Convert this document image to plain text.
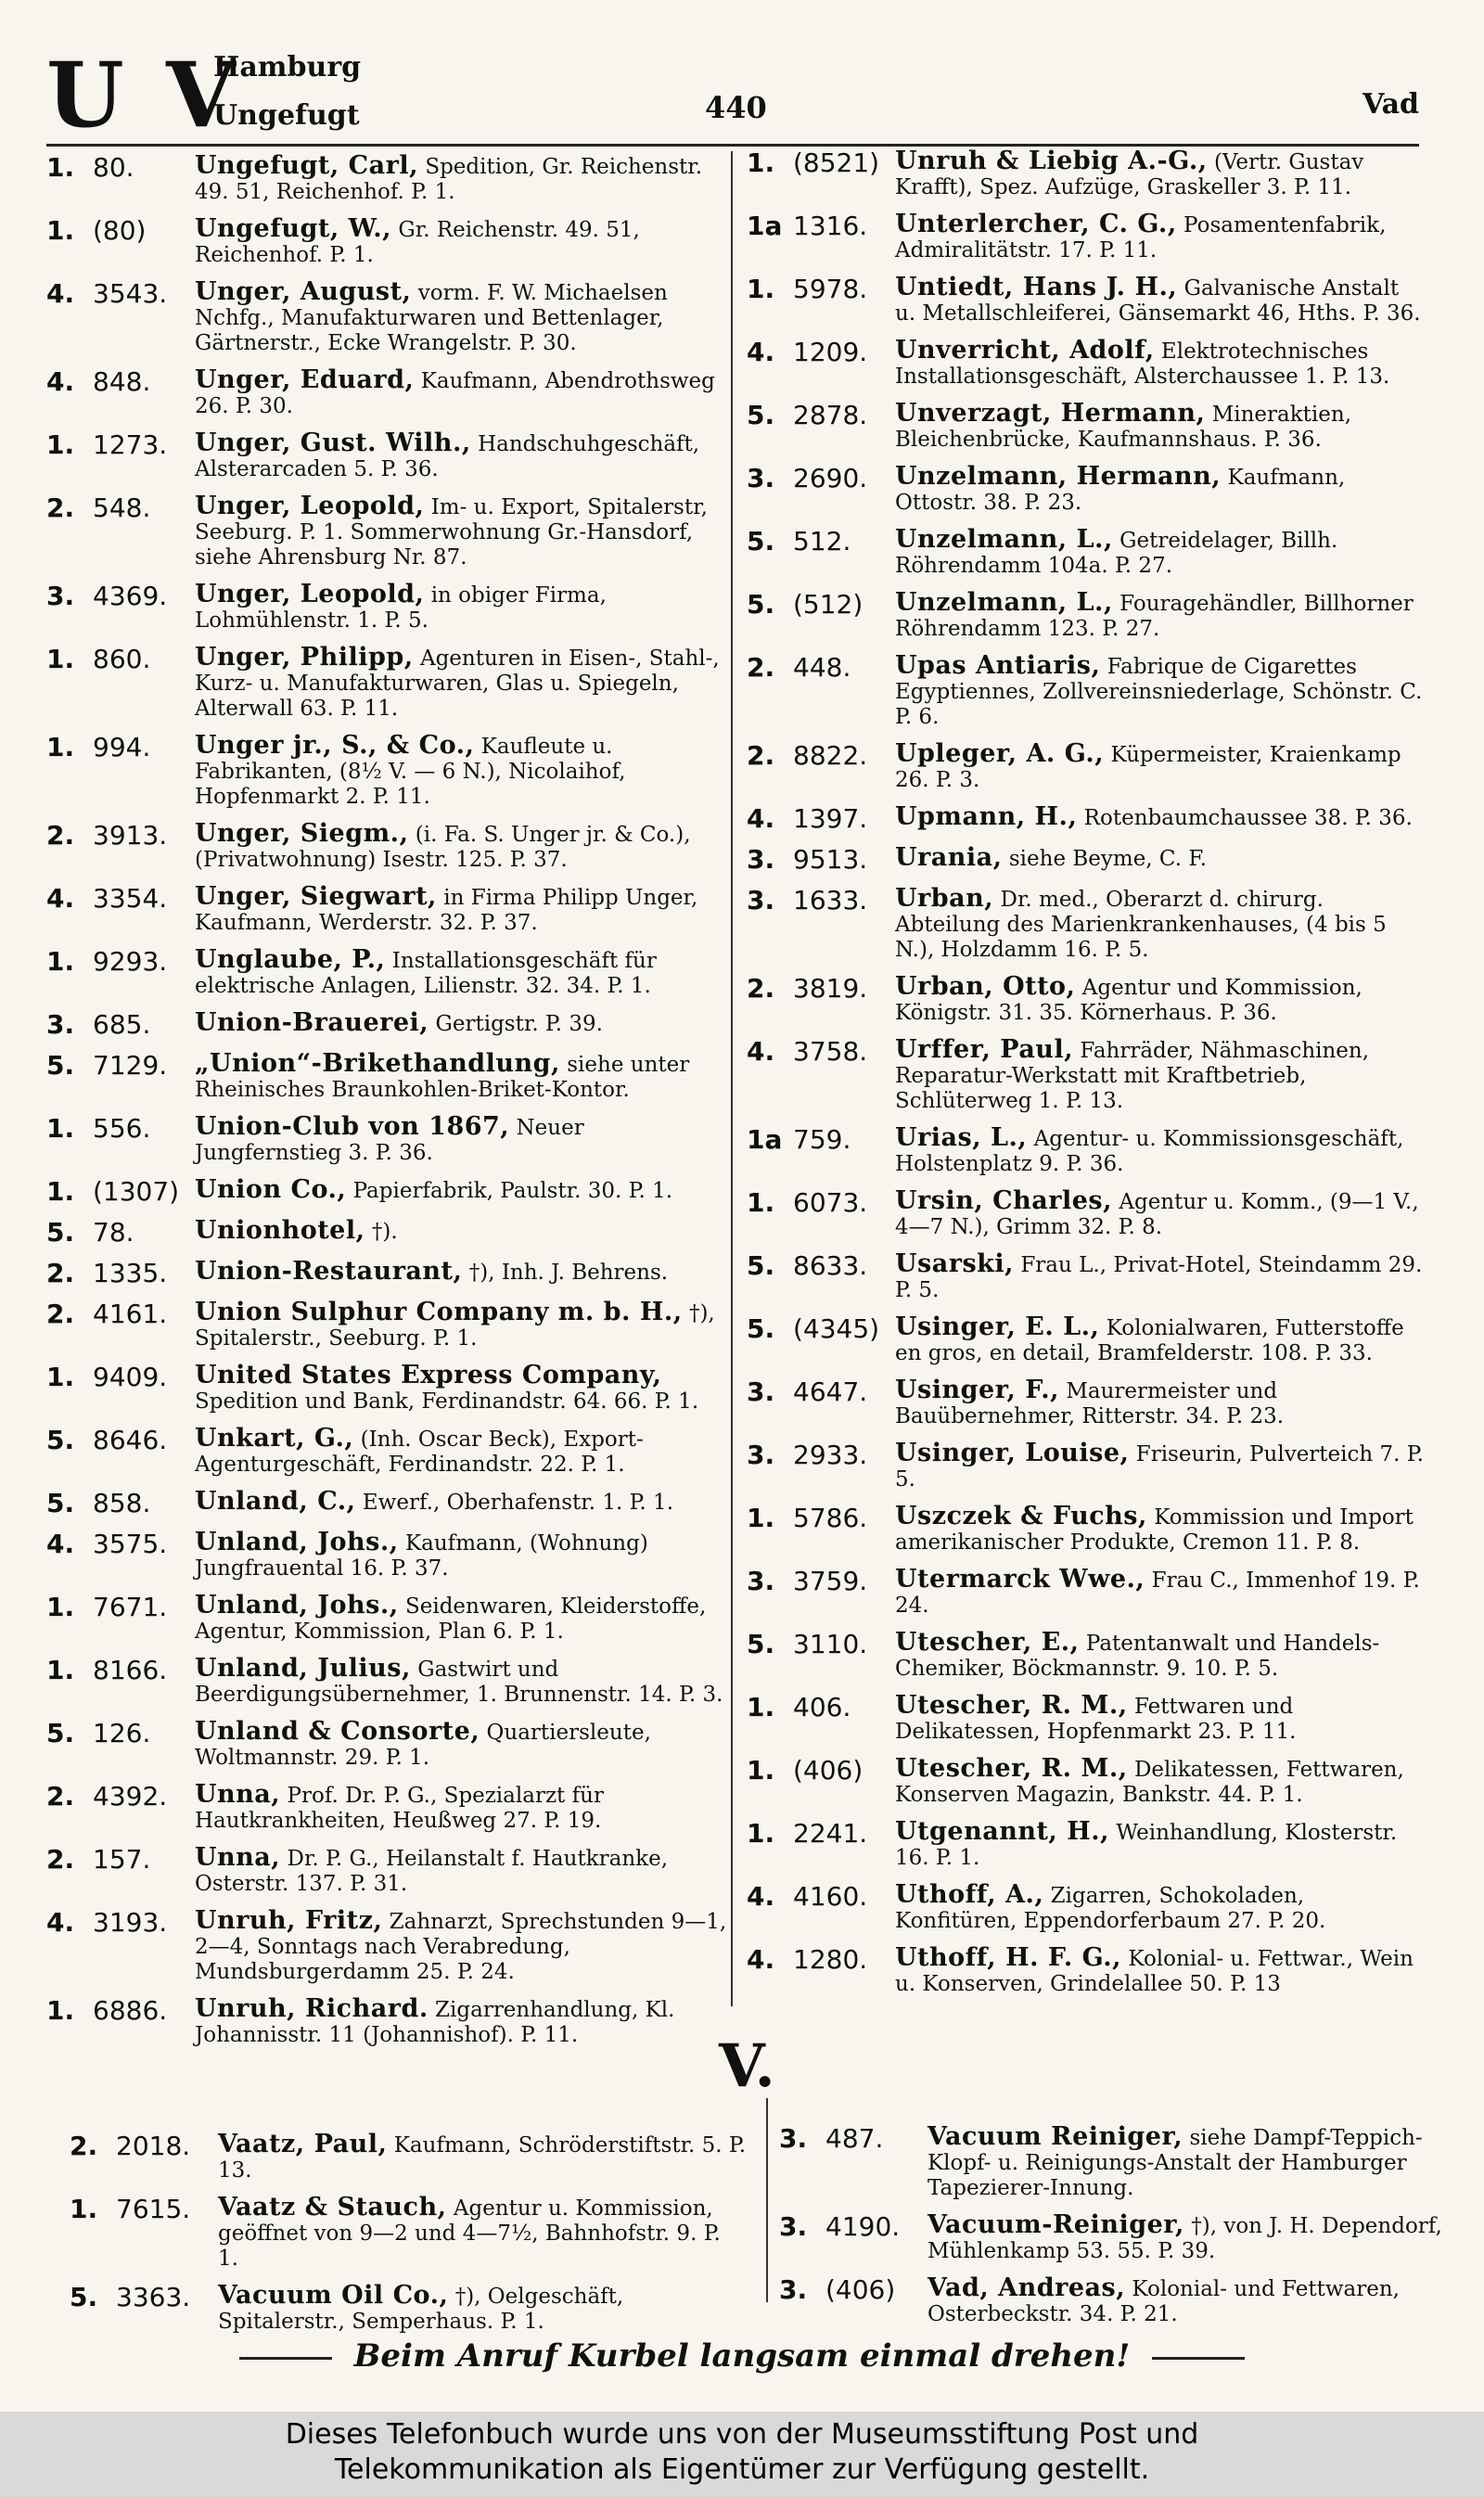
U V
Hamburg
Ungefugt	440	Vad
1. 80.	Ungefugt, Carl, Spedition, Gr. Reichenstr. 49. 51, Reichenhof. P. 1.
1. (80)	Ungefugt, W., Gr. Reichenstr. 49. 51, Reichenhof. P. 1.
4. 3543.	Unger, August, vorm. F. W. Michaelsen Nchfg., Manufakturwaren und Bettenlager, Gärtnerstr., Ecke Wrangelstr. P. 30.
4. 848.	Unger, Eduard, Kaufmann, Abendrothsweg 26. P. 30.
1. 1273.	Unger, Gust. Wilh., Handschuhgeschäft, Alsterarcaden 5. P. 36.
2. 548.	Unger, Leopold, Im- u. Export, Spitalerstr, Seeburg. P. 1. Sommerwohnung Gr.-Hansdorf, siehe Ahrensburg Nr. 87.
3. 4369.	Unger, Leopold, in obiger Firma, Lohmühlenstr. 1. P. 5.
1. 860.	Unger, Philipp, Agenturen in Eisen-, Stahl-, Kurz- u. Manufakturwaren, Glas u. Spiegeln, Alterwall 63. P. 11.
1. 994.	Unger jr., S., & Co., Kaufleute u. Fabrikanten, (8½ V. — 6 N.), Nicolaihof, Hopfenmarkt 2. P. 11.
2. 3913.	Unger, Siegm., (i. Fa. S. Unger jr. & Co.), (Privatwohnung) Isestr. 125. P. 37.
4. 3354.	Unger, Siegwart, in Firma Philipp Unger, Kaufmann, Werderstr. 32. P. 37.
1. 9293.	Unglaube, P., Installationsgeschäft für elektrische Anlagen, Lilienstr. 32. 34. P. 1.
3. 685.	Union-Brauerei, Gertigstr. P. 39.
5. 7129.	„Union“-Brikethandlung, siehe unter Rheinisches Braunkohlen-Briket-Kontor.
1. 556.	Union-Club von 1867, Neuer Jungfernstieg 3. P. 36.
1. (1307) Union Co., Papierfabrik, Paulstr. 30. P. 1.
5. 78.	Unionhotel, †).
2. 1335.	Union-Restaurant, †), Inh. J. Behrens.
2. 4161.	Union Sulphur Company m. b. H., †), Spitalerstr., Seeburg. P. 1.
1. 9409.	United States Express Company, Spedition und Bank, Ferdinandstr. 64. 66. P. 1.
5. 8646.	Unkart, G., (Inh. Oscar Beck), Export-Agenturgeschäft, Ferdinandstr. 22. P. 1.
5. 858.	Unland, C., Ewerf., Oberhafenstr. 1. P. 1.
4. 3575.	Unland, Johs., Kaufmann, (Wohnung) Jungfrauental 16. P. 37.
1. 7671.	Unland, Johs., Seidenwaren, Kleiderstoffe, Agentur, Kommission, Plan 6. P. 1.
1. 8166.	Unland, Julius, Gastwirt und Beerdigungsübernehmer, 1. Brunnenstr. 14. P. 3.
5. 126.	Unland & Consorte, Quartiersleute, Woltmannstr. 29. P. 1.
2. 4392.	Unna, Prof. Dr. P. G., Spezialarzt für Hautkrankheiten, Heußweg 27. P. 19.
2. 157.	Unna, Dr. P. G., Heilanstalt f. Hautkranke, Osterstr. 137. P. 31.
4. 3193.	Unruh, Fritz, Zahnarzt, Sprechstunden 9—1, 2—4, Sonntags nach Verabredung, Mundsburgerdamm 25. P. 24.
1. 6886.	Unruh, Richard. Zigarrenhandlung, Kl. Johannisstr. 11 (Johannishof). P. 11.
1. (8521) Unruh & Liebig A.-G., (Vertr. Gustav Krafft), Spez. Aufzüge, Graskeller 3. P. 11.
1a 1316.	Unterlercher, C. G., Posamentenfabrik, Admiralitätstr. 17. P. 11.
1. 5978.	Untiedt, Hans J. H., Galvanische Anstalt u. Metallschleiferei, Gänsemarkt 46, Hths. P. 36.
4. 1209.	Unverricht, Adolf, Elektrotechnisches Installationsgeschäft, Alsterchaussee 1. P. 13.
5. 2878.	Unverzagt, Hermann, Mineraktien, Bleichenbrücke, Kaufmannshaus. P. 36.
3. 2690.	Unzelmann, Hermann, Kaufmann, Ottostr. 38. P. 23.
5. 512.	Unzelmann, L., Getreidelager, Billh. Röhrendamm 104a. P. 27.
5. (512)	Unzelmann, L., Fouragehändler, Billhorner Röhrendamm 123. P. 27.
2. 448.	Upas Antiaris, Fabrique de Cigarettes Egyptiennes, Zollvereinsniederlage, Schönstr. C. P. 6.
2. 8822.	Upleger, A. G., Küpermeister, Kraienkamp 26. P. 3.
4. 1397.	Upmann, H., Rotenbaumchaussee 38. P. 36.
3. 9513.	Urania, siehe Beyme, C. F.
3. 1633.	Urban, Dr. med., Oberarzt d. chirurg. Abteilung des Marienkrankenhauses, (4 bis 5 N.), Holzdamm 16. P. 5.
2. 3819.	Urban, Otto, Agentur und Kommission, Königstr. 31. 35. Körnerhaus. P. 36.
4. 3758.	Urffer, Paul, Fahrräder, Nähmaschinen, Reparatur-Werkstatt mit Kraftbetrieb, Schlüterweg 1. P. 13.
1a 759.	Urias, L., Agentur- u. Kommissionsgeschäft, Holstenplatz 9. P. 36.
1. 6073.	Ursin, Charles, Agentur u. Komm., (9—1 V., 4—7 N.), Grimm 32. P. 8.
5. 8633.	Usarski, Frau L., Privat-Hotel, Steindamm 29. P. 5.
5. (4345) Usinger, E. L., Kolonialwaren, Futterstoffe en gros, en detail, Bramfelderstr. 108. P. 33.
3. 4647.	Usinger, F., Maurermeister und Bauübernehmer, Ritterstr. 34. P. 23.
3. 2933.	Usinger, Louise, Friseurin, Pulverteich 7. P. 5.
1. 5786.	Uszczek & Fuchs, Kommission und Import amerikanischer Produkte, Cremon 11. P. 8.
3. 3759.	Utermarck Wwe., Frau C., Immenhof 19. P. 24.
5. 3110.	Utescher, E., Patentanwalt und Handels-Chemiker, Böckmannstr. 9. 10. P. 5.
1. 406.	Utescher, R. M., Fettwaren und Delikatessen, Hopfenmarkt 23. P. 11.
1. (406)	Utescher, R. M., Delikatessen, Fettwaren, Konserven Magazin, Bankstr. 44. P. 1.
1. 2241.	Utgenannt, H., Weinhandlung, Klosterstr. 16. P. 1.
4. 4160.	Uthoff, A., Zigarren, Schokoladen, Konfitüren, Eppendorferbaum 27. P. 20.
4. 1280.	Uthoff, H. F. G., Kolonial- u. Fettwar., Wein u. Konserven, Grindelallee 50. P. 13
V.
2. 2018.	Vaatz, Paul, Kaufmann, Schröderstiftstr. 5. P. 13.
1. 7615.	Vaatz & Stauch, Agentur u. Kommission, geöffnet von 9—2 und 4—7½, Bahnhofstr. 9. P. 1.
5. 3363.	Vacuum Oil Co., †), Oelgeschäft, Spitalerstr., Semperhaus. P. 1.
3. 487.	Vacuum Reiniger, siehe Dampf-Teppich-Klopf- u. Reinigungs-Anstalt der Hamburger Tapezierer-Innung.
3. 4190.	Vacuum-Reiniger, †), von J. H. Dependorf, Mühlenkamp 53. 55. P. 39.
3. (406)	Vad, Andreas, Kolonial- und Fettwaren, Osterbeckstr. 34. P. 21.
Beim Anruf Kurbel langsam einmal drehen!
Dieses Telefonbuch wurde uns von der Museumsstiftung Post und
Telekommunikation als Eigentümer zur Verfügung gestellt.
